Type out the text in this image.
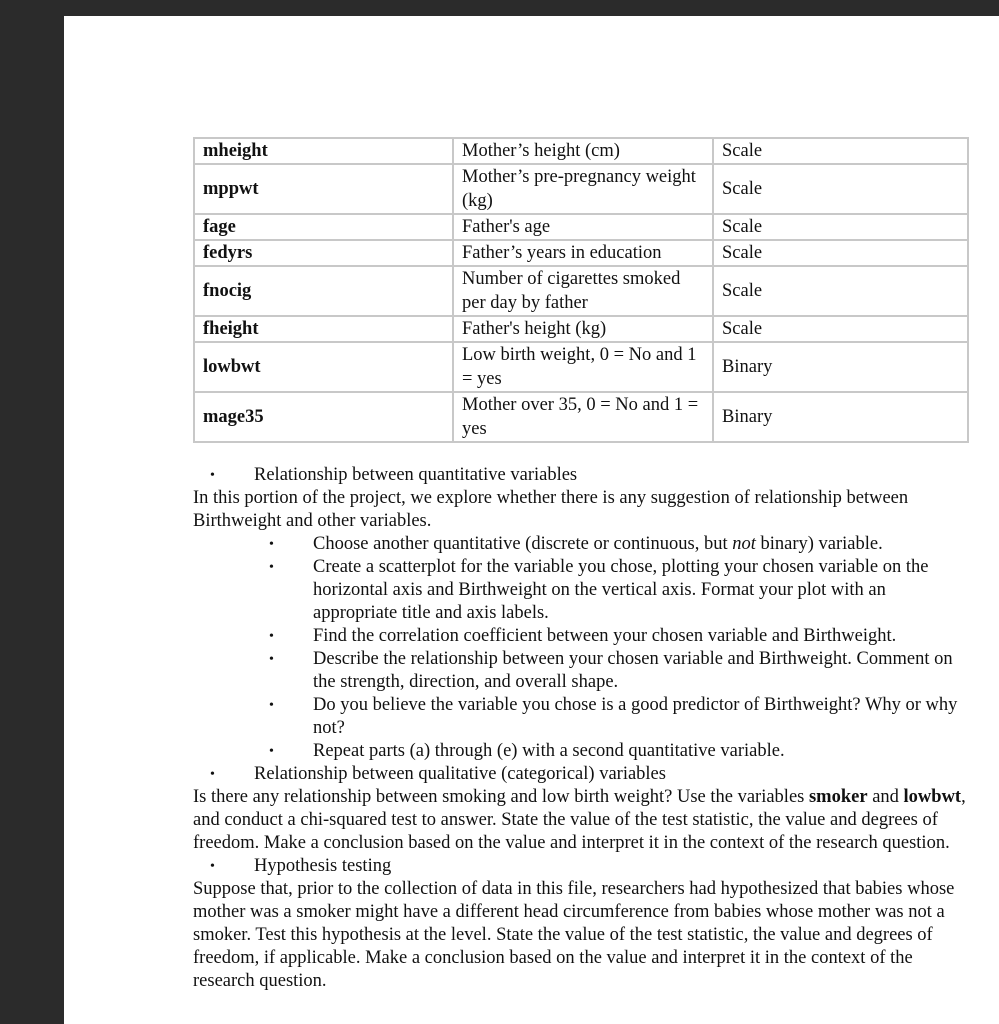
mheight	Mother’s height (cm)	Scale
mppwt	Mother’s pre-pregnancy weight (kg)	Scale
fage	Father's age	Scale
fedyrs	Father’s years in education	Scale
fnocig	Number of cigarettes smoked per day by father	Scale
fheight	Father's height (kg)	Scale
lowbwt	Low birth weight, 0 = No and 1 = yes	Binary
mage35	Mother over 35, 0 = No and 1 = yes	Binary
• Relationship between quantitative variables
In this portion of the project, we explore whether there is any suggestion of relationship between Birthweight and other variables.
• Choose another quantitative (discrete or continuous, but not binary) variable.
• Create a scatterplot for the variable you chose, plotting your chosen variable on the horizontal axis and Birthweight on the vertical axis. Format your plot with an appropriate title and axis labels.
• Find the correlation coefficient between your chosen variable and Birthweight.
• Describe the relationship between your chosen variable and Birthweight. Comment on the strength, direction, and overall shape.
• Do you believe the variable you chose is a good predictor of Birthweight? Why or why not?
• Repeat parts (a) through (e) with a second quantitative variable.
• Relationship between qualitative (categorical) variables
Is there any relationship between smoking and low birth weight? Use the variables smoker and lowbwt, and conduct a chi-squared test to answer. State the value of the test statistic, the value and degrees of freedom. Make a conclusion based on the value and interpret it in the context of the research question.
• Hypothesis testing
Suppose that, prior to the collection of data in this file, researchers had hypothesized that babies whose mother was a smoker might have a different head circumference from babies whose mother was not a smoker. Test this hypothesis at the level. State the value of the test statistic, the value and degrees of freedom, if applicable. Make a conclusion based on the value and interpret it in the context of the research question.
